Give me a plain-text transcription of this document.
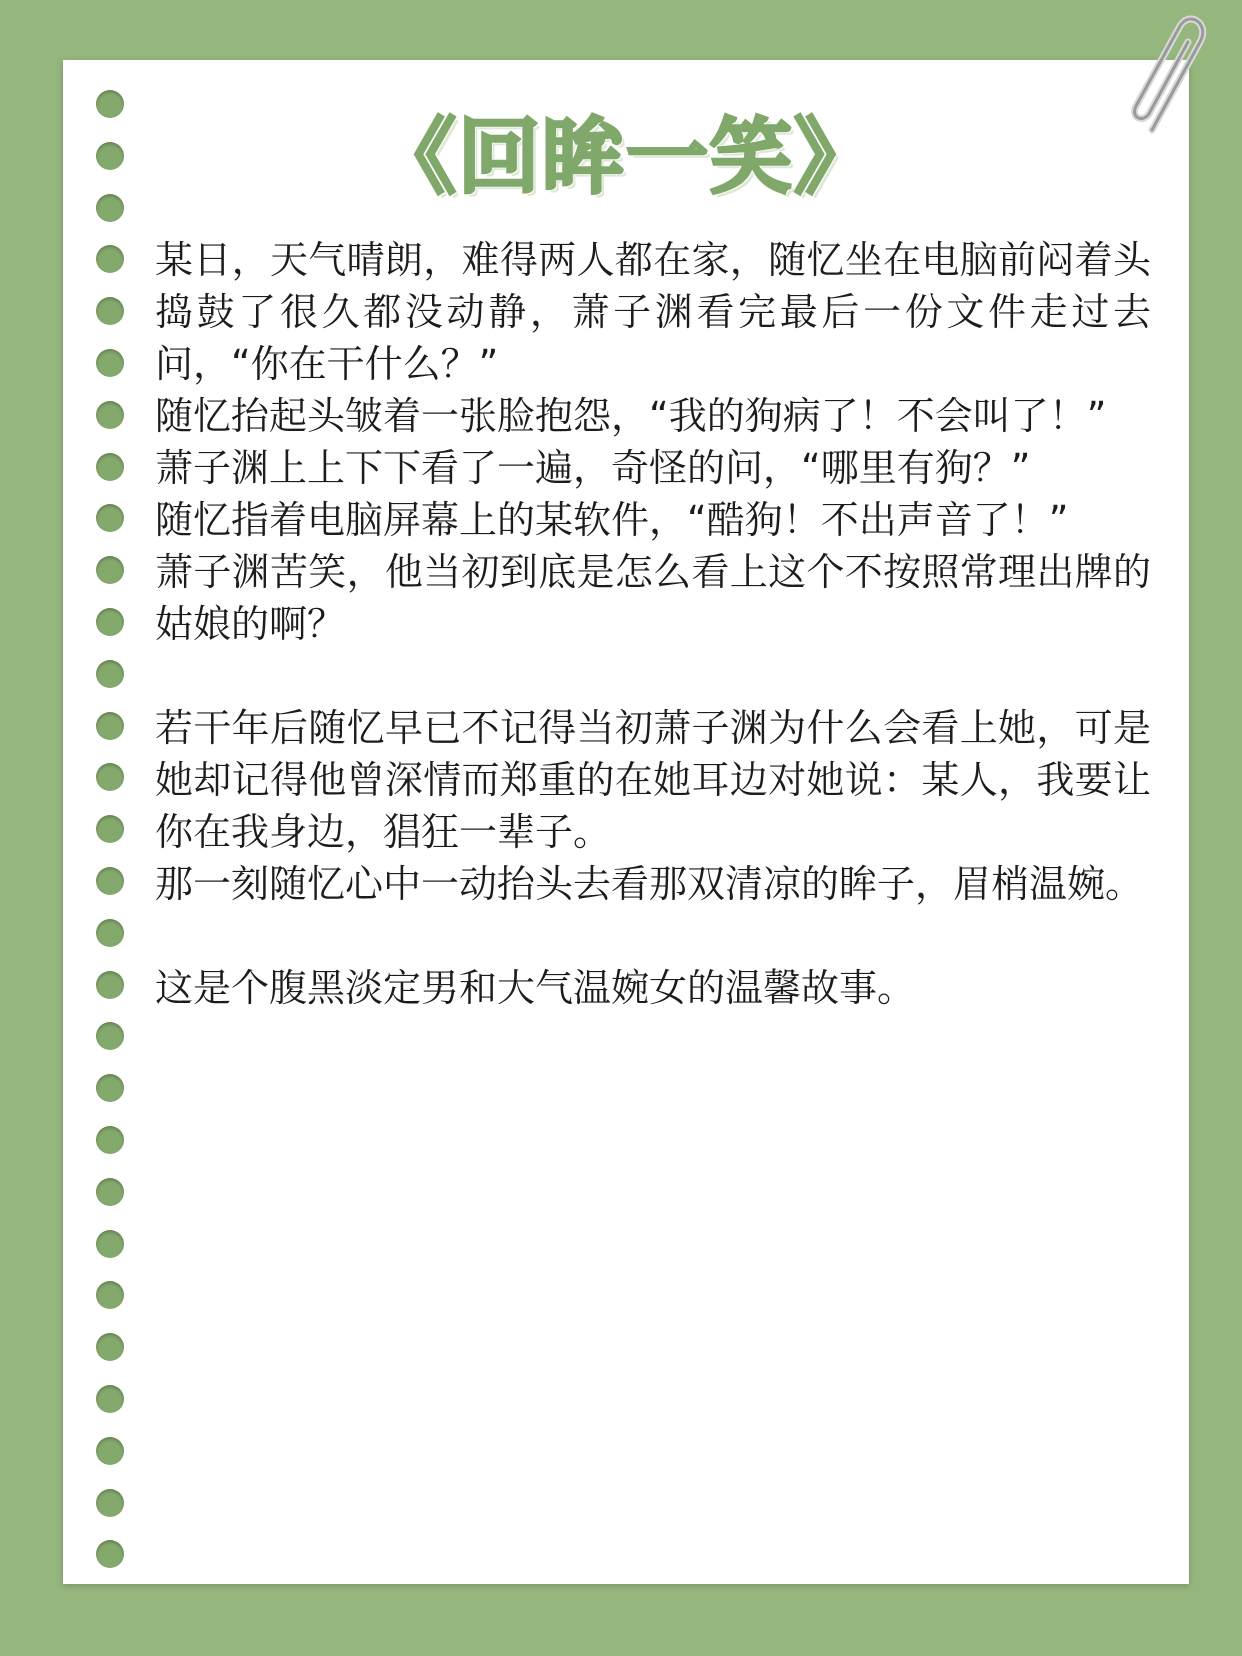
《回眸一笑》

某日，天气晴朗，难得两人都在家，随忆坐在电脑前闷着头捣鼓了很久都没动静，萧子渊看完最后一份文件走过去问，“你在干什么？”

随忆抬起头皱着一张脸抱怨，“我的狗病了！不会叫了！”

萧子渊上上下下看了一遍，奇怪的问，“哪里有狗？”

随忆指着电脑屏幕上的某软件，“酷狗！不出声音了！”

萧子渊苦笑，他当初到底是怎么看上这个不按照常理出牌的姑娘的啊？

若干年后随忆早已不记得当初萧子渊为什么会看上她，可是她却记得他曾深情而郑重的在她耳边对她说：某人，我要让你在我身边，猖狂一辈子。

那一刻随忆心中一动抬头去看那双清凉的眸子，眉梢温婉。

这是个腹黑淡定男和大气温婉女的温馨故事。
